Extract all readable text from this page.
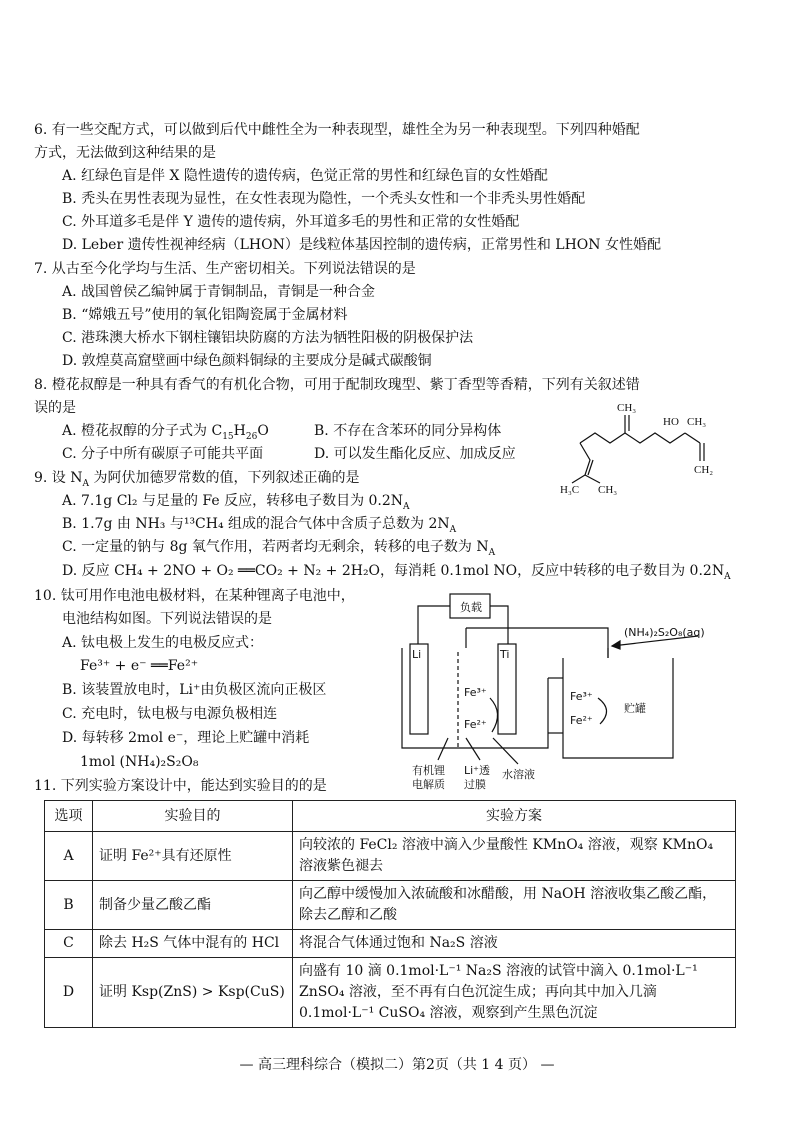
6. 有一些交配方式，可以做到后代中雌性全为一种表现型，雄性全为另一种表现型。下列四种婚配
方式，无法做到这种结果的是
A. 红绿色盲是伴 X 隐性遗传的遗传病，色觉正常的男性和红绿色盲的女性婚配
B. 秃头在男性表现为显性，在女性表现为隐性，一个秃头女性和一个非秃头男性婚配
C. 外耳道多毛是伴 Y 遗传的遗传病，外耳道多毛的男性和正常的女性婚配
D. Leber 遗传性视神经病（LHON）是线粒体基因控制的遗传病，正常男性和 LHON 女性婚配
7. 从古至今化学均与生活、生产密切相关。下列说法错误的是
A. 战国曾侯乙编钟属于青铜制品，青铜是一种合金
B. “嫦娥五号”使用的氧化铝陶瓷属于金属材料
C. 港珠澳大桥水下钢柱镶铝块防腐的方法为牺牲阳极的阴极保护法
D. 敦煌莫高窟壁画中绿色颜料铜绿的主要成分是碱式碳酸铜
8. 橙花叔醇是一种具有香气的有机化合物，可用于配制玫瑰型、紫丁香型等香精，下列有关叙述错
误的是
A. 橙花叔醇的分子式为 $C_{15}H_{26}O$	B. 不存在含苯环的同分异构体
C. 分子中所有碳原子可能共平面	D. 可以发生酯化反应、加成反应
CH₃
HO CH₃
CH₂
H₃C CH₃
9. 设 $N_A$ 为阿伏加德罗常数的值，下列叙述正确的是
A. 7.1g Cl₂ 与足量的 Fe 反应，转移电子数目为 $0.2N_A$
B. 1.7g 由 NH₃ 与¹³CH₄ 组成的混合气体中含质子总数为 $2N_A$
C. 一定量的钠与 8g 氧气作用，若两者均无剩余，转移的电子数为 $N_A$
D. 反应 CH₄ + 2NO + O₂ ══CO₂ + N₂ + 2H₂O，每消耗 0.1mol NO，反应中转移的电子数目为 $0.2N_A$
10. 钛可用作电池电极材料，在某种锂离子电池中，
电池结构如图。下列说法错误的是
A. 钛电极上发生的电极反应式：
Fe³⁺ + e⁻ ══Fe²⁺
B. 该装置放电时，Li⁺由负极区流向正极区
C. 充电时，钛电极与电源负极相连
D. 每转移 2mol e⁻，理论上贮罐中消耗
1mol (NH₄)₂S₂O₈
负载
Li	Ti
(NH₄)₂S₂O₈(aq)
Fe³⁺
Fe²⁺
Fe³⁺
Fe²⁺
贮罐
有机锂
电解质
Li⁺透
过膜
水溶液
11. 下列实验方案设计中，能达到实验目的的是
选项	实验目的	实验方案
A	证明 Fe²⁺具有还原性	向较浓的 FeCl₂ 溶液中滴入少量酸性 KMnO₄ 溶液，观察 KMnO₄ 溶液紫色褪去
B	制备少量乙酸乙酯	向乙醇中缓慢加入浓硫酸和冰醋酸，用 NaOH 溶液收集乙酸乙酯，除去乙醇和乙酸
C	除去 H₂S 气体中混有的 HCl	将混合气体通过饱和 Na₂S 溶液
D	证明 Ksp(ZnS) > Ksp(CuS)	向盛有 10 滴 0.1mol·L⁻¹ Na₂S 溶液的试管中滴入 0.1mol·L⁻¹ ZnSO₄ 溶液，至不再有白色沉淀生成；再向其中加入几滴 0.1mol·L⁻¹ CuSO₄ 溶液，观察到产生黑色沉淀
— 高三理科综合（模拟二）第2页（共 1 4 页） —
